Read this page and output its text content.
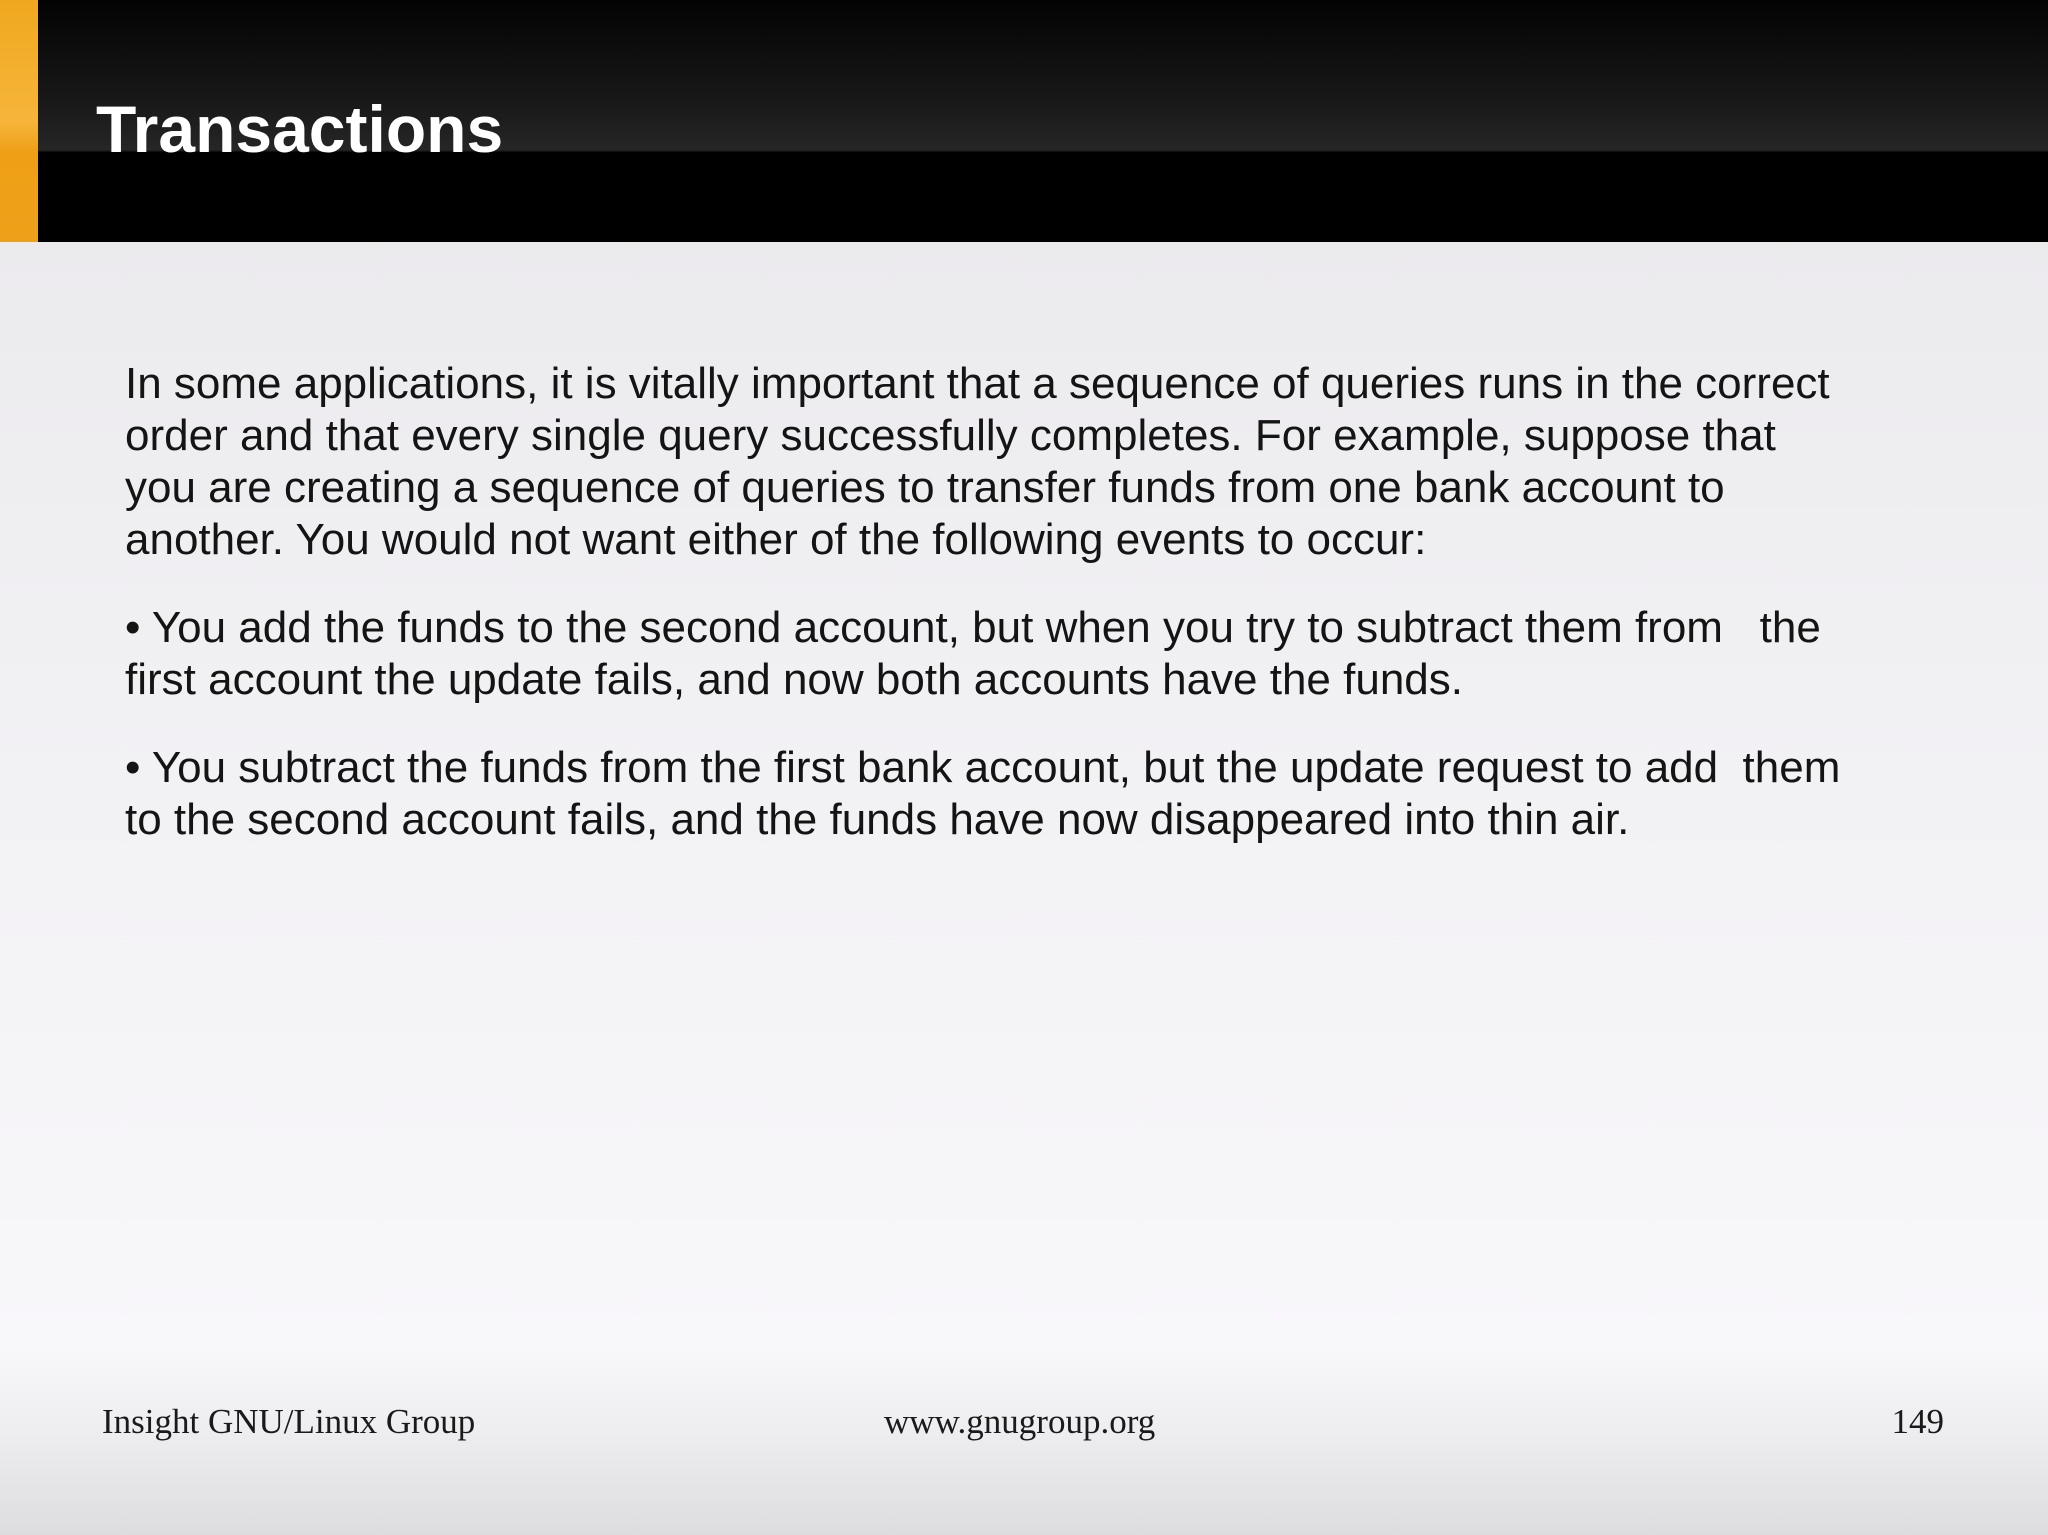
Transactions

In some applications, it is vitally important that a sequence of queries runs in the correct
order and that every single query successfully completes. For example, suppose that
you are creating a sequence of queries to transfer funds from one bank account to
another. You would not want either of the following events to occur:

• You add the funds to the second account, but when you try to subtract them from   the
first account the update fails, and now both accounts have the funds.

• You subtract the funds from the first bank account, but the update request to add  them
to the second account fails, and the funds have now disappeared into thin air.

Insight GNU/Linux Group	www.gnugroup.org	149
